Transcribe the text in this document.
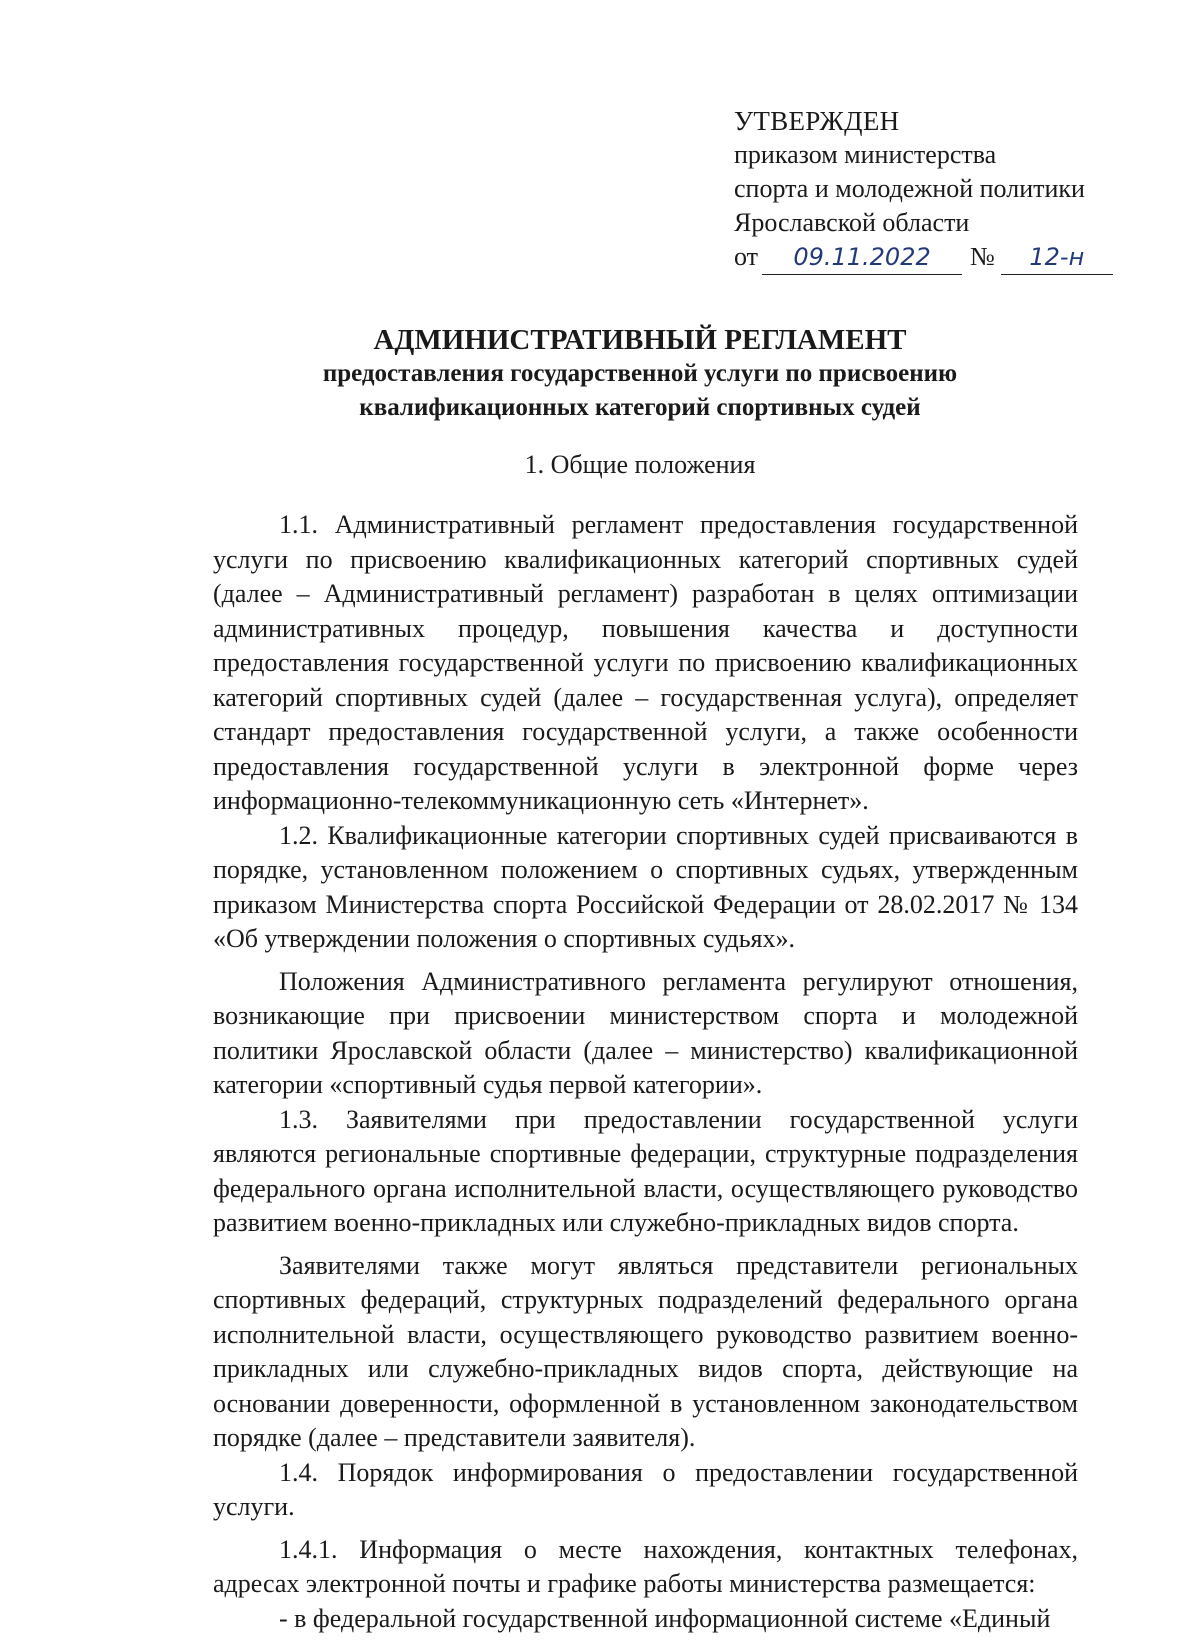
УТВЕРЖДЕН
приказом министерства
спорта и молодежной политики
Ярославской области
от 09.11.2022 № 12-н
АДМИНИСТРАТИВНЫЙ РЕГЛАМЕНТ
предоставления государственной услуги по присвоению
квалификационных категорий спортивных судей
1. Общие положения

1.1. Административный регламент предоставления государственной услуги по присвоению квалификационных категорий спортивных судей (далее – Административный регламент) разработан в целях оптимизации административных процедур, повышения качества и доступности предоставления государственной услуги по присвоению квалификационных категорий спортивных судей (далее – государственная услуга), определяет стандарт предоставления государственной услуги, а также особенности предоставления государственной услуги в электронной форме через информационно-телекоммуникационную сеть «Интернет».

1.2. Квалификационные категории спортивных судей присваиваются в порядке, установленном положением о спортивных судьях, утвержденным приказом Министерства спорта Российской Федерации от 28.02.2017 № 134 «Об утверждении положения о спортивных судьях».

Положения Административного регламента регулируют отношения, возникающие при присвоении министерством спорта и молодежной политики Ярославской области (далее – министерство) квалификационной категории «спортивный судья первой категории».

1.3. Заявителями при предоставлении государственной услуги являются региональные спортивные федерации, структурные подразделения федерального органа исполнительной власти, осуществляющего руководство развитием военно-прикладных или служебно-прикладных видов спорта.

Заявителями также могут являться представители региональных спортивных федераций, структурных подразделений федерального органа исполнительной власти, осуществляющего руководство развитием военно-прикладных или служебно-прикладных видов спорта, действующие на основании доверенности, оформленной в установленном законодательством порядке (далее – представители заявителя).

1.4. Порядок информирования о предоставлении государственной услуги.

1.4.1. Информация о месте нахождения, контактных телефонах, адресах электронной почты и графике работы министерства размещается:

- в федеральной государственной информационной системе «Единый
